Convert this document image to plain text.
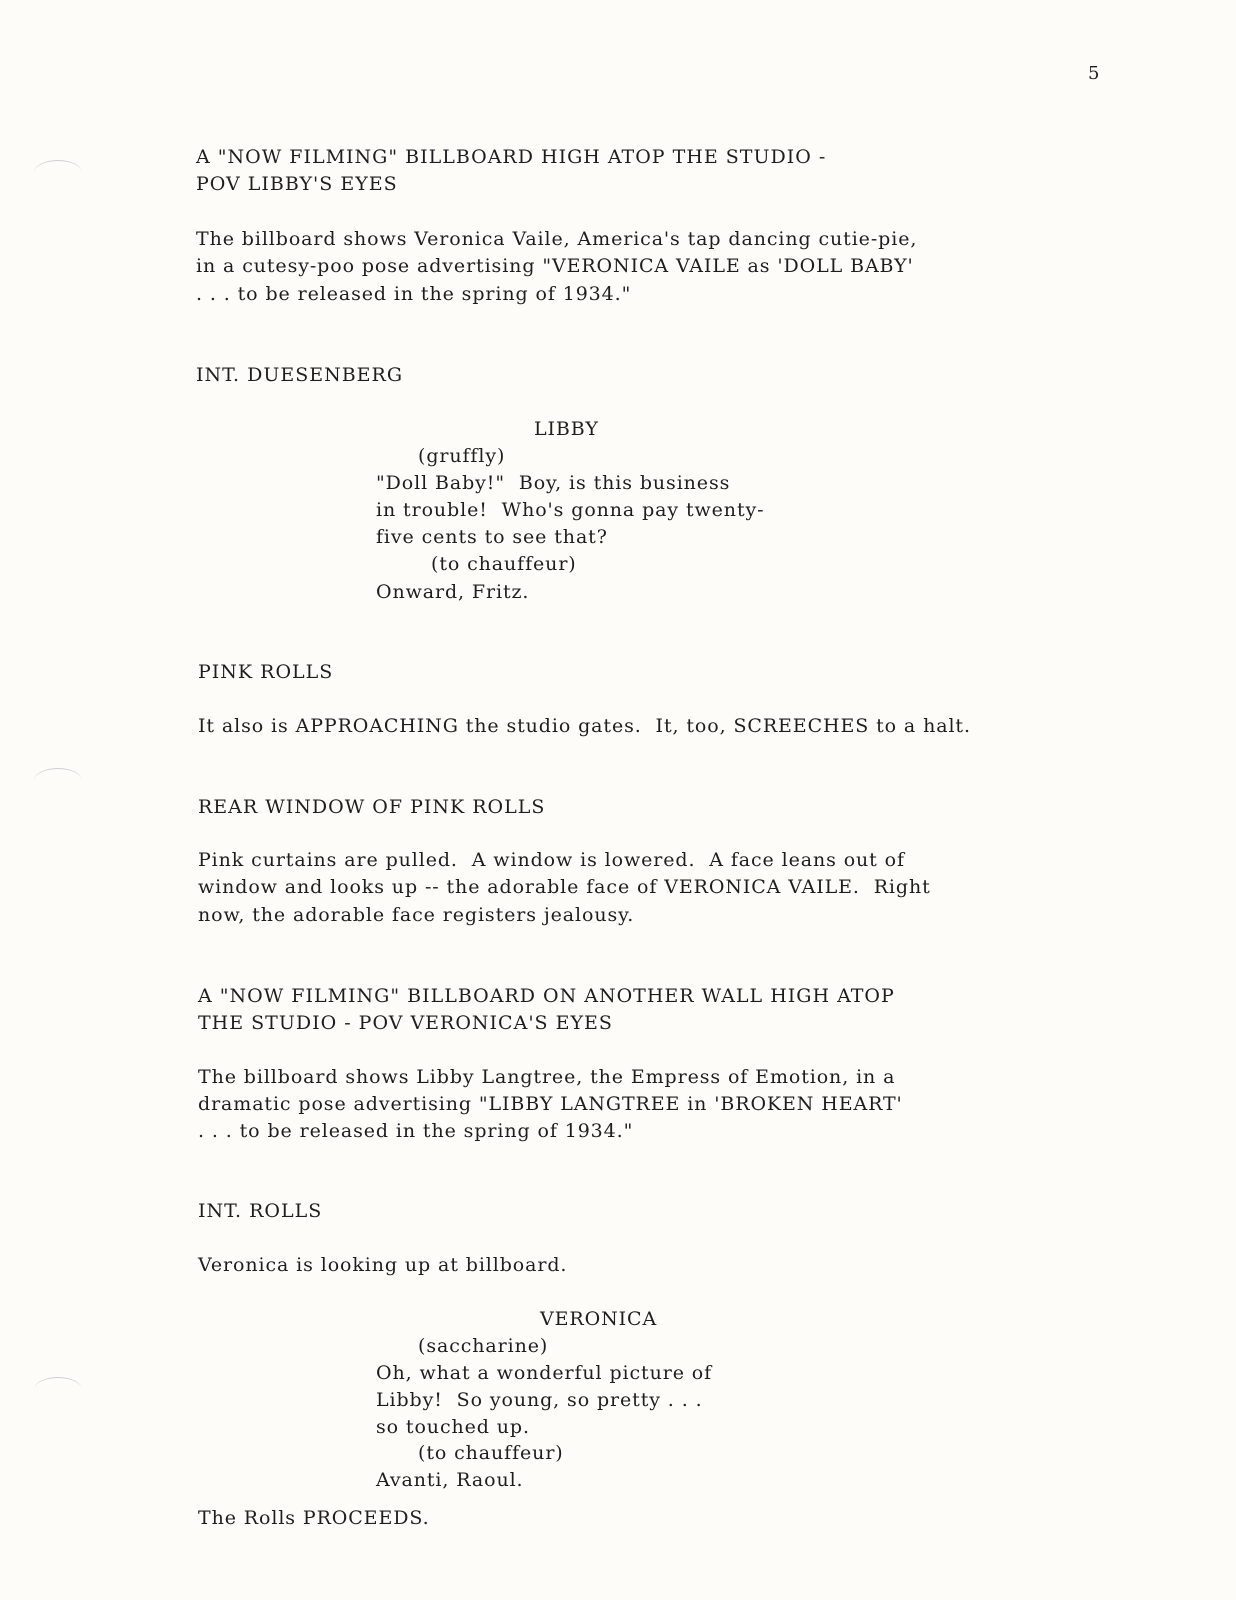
5
A "NOW FILMING" BILLBOARD HIGH ATOP THE STUDIO -
POV LIBBY'S EYES
The billboard shows Veronica Vaile, America's tap dancing cutie-pie,
in a cutesy-poo pose advertising "VERONICA VAILE as 'DOLL BABY'
. . . to be released in the spring of 1934."
INT. DUESENBERG
LIBBY
(gruffly)
"Doll Baby!"  Boy, is this business
in trouble!  Who's gonna pay twenty-
five cents to see that?
(to chauffeur)
Onward, Fritz.
PINK ROLLS
It also is APPROACHING the studio gates.  It, too, SCREECHES to a halt.
REAR WINDOW OF PINK ROLLS
Pink curtains are pulled.  A window is lowered.  A face leans out of
window and looks up -- the adorable face of VERONICA VAILE.  Right
now, the adorable face registers jealousy.
A "NOW FILMING" BILLBOARD ON ANOTHER WALL HIGH ATOP
THE STUDIO - POV VERONICA'S EYES
The billboard shows Libby Langtree, the Empress of Emotion, in a
dramatic pose advertising "LIBBY LANGTREE in 'BROKEN HEART'
. . . to be released in the spring of 1934."
INT. ROLLS
Veronica is looking up at billboard.
VERONICA
(saccharine)
Oh, what a wonderful picture of
Libby!  So young, so pretty . . .
so touched up.
(to chauffeur)
Avanti, Raoul.
The Rolls PROCEEDS.
